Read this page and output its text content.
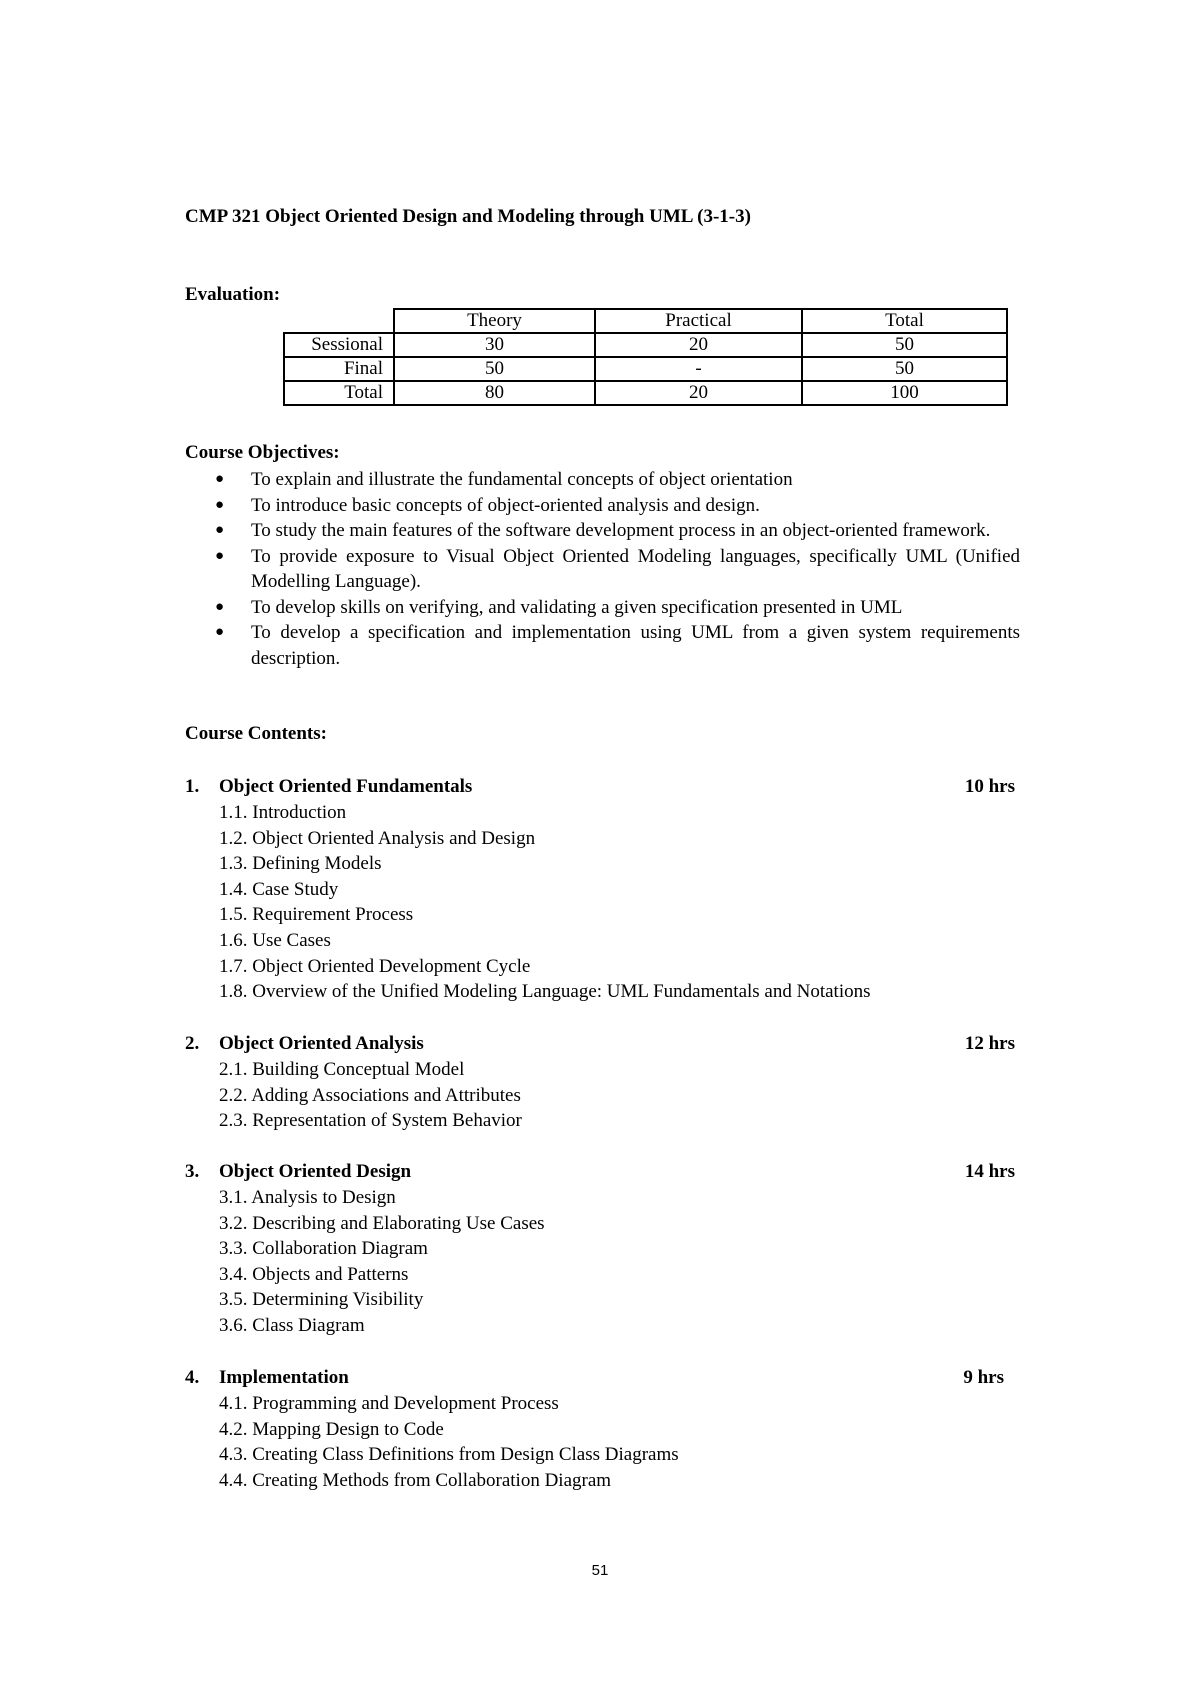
CMP 321 Object Oriented Design and Modeling through UML (3-1-3)
Evaluation:
	Theory	Practical	Total
Sessional	30	20	50
Final	50	-	50
Total	80	20	100
Course Objectives:
● To explain and illustrate the fundamental concepts of object orientation
● To introduce basic concepts of object-oriented analysis and design.
● To study the main features of the software development process in an object-oriented framework.
● To provide exposure to Visual Object Oriented Modeling languages, specifically UML (Unified Modelling Language).
● To develop skills on verifying, and validating a given specification presented in UML
● To develop a specification and implementation using UML from a given system requirements description.
Course Contents:
1. Object Oriented Fundamentals	10 hrs
1.1. Introduction
1.2. Object Oriented Analysis and Design
1.3. Defining Models
1.4. Case Study
1.5. Requirement Process
1.6. Use Cases
1.7. Object Oriented Development Cycle
1.8. Overview of the Unified Modeling Language: UML Fundamentals and Notations
2. Object Oriented Analysis	12 hrs
2.1. Building Conceptual Model
2.2. Adding Associations and Attributes
2.3. Representation of System Behavior
3. Object Oriented Design	14 hrs
3.1. Analysis to Design
3.2. Describing and Elaborating Use Cases
3.3. Collaboration Diagram
3.4. Objects and Patterns
3.5. Determining Visibility
3.6. Class Diagram
4. Implementation	9 hrs
4.1. Programming and Development Process
4.2. Mapping Design to Code
4.3. Creating Class Definitions from Design Class Diagrams
4.4. Creating Methods from Collaboration Diagram
51
